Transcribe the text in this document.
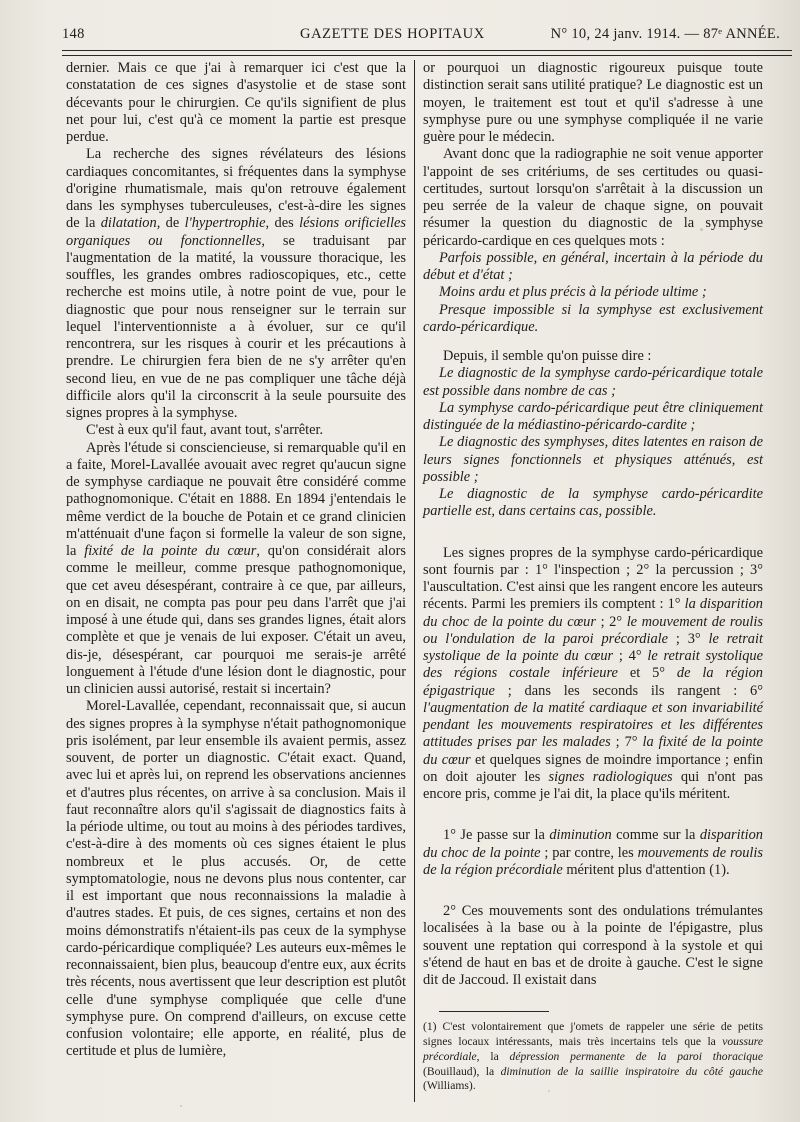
148	GAZETTE DES HOPITAUX	N° 10, 24 janv. 1914. — 87ᵉ ANNÉE.

dernier. Mais ce que j'ai à remarquer ici c'est que la constatation de ces signes d'asystolie et de stase sont décevants pour le chirurgien. Ce qu'ils signifient de plus net pour lui, c'est qu'à ce moment la partie est presque perdue.

La recherche des signes révélateurs des lésions cardiaques concomitantes, si fréquentes dans la symphyse d'origine rhumatismale, mais qu'on retrouve également dans les symphyses tuberculeuses, c'est-à-dire les signes de la dilatation, de l'hypertrophie, des lésions orificielles organiques ou fonctionnelles, se traduisant par l'augmentation de la matité, la voussure thoracique, les souffles, les grandes ombres radioscopiques, etc., cette recherche est moins utile, à notre point de vue, pour le diagnostic que pour nous renseigner sur le terrain sur lequel l'interventionniste a à évoluer, sur ce qu'il rencontrera, sur les risques à courir et les précautions à prendre. Le chirurgien fera bien de ne s'y arrêter qu'en second lieu, en vue de ne pas compliquer une tâche déjà difficile alors qu'il la circonscrit à la seule poursuite des signes propres à la symphyse.

C'est à eux qu'il faut, avant tout, s'arrêter.

Après l'étude si consciencieuse, si remarquable qu'il en a faite, Morel-Lavallée avouait avec regret qu'aucun signe de symphyse cardiaque ne pouvait être considéré comme pathognomonique. C'était en 1888. En 1894 j'entendais le même verdict de la bouche de Potain et ce grand clinicien m'atténuait d'une façon si formelle la valeur de son signe, la fixité de la pointe du cœur, qu'on considérait alors comme le meilleur, comme presque pathognomonique, que cet aveu désespérant, contraire à ce que, par ailleurs, on en disait, ne compta pas pour peu dans l'arrêt que j'ai imposé à une étude qui, dans ses grandes lignes, était alors complète et que je venais de lui exposer. C'était un aveu, dis-je, désespérant, car pourquoi me serais-je arrêté longuement à l'étude d'une lésion dont le diagnostic, pour un clinicien aussi autorisé, restait si incertain?

Morel-Lavallée, cependant, reconnaissait que, si aucun des signes propres à la symphyse n'était pathognomonique pris isolément, par leur ensemble ils avaient permis, assez souvent, de porter un diagnostic. C'était exact. Quand, avec lui et après lui, on reprend les observations anciennes et d'autres plus récentes, on arrive à sa conclusion. Mais il faut reconnaître alors qu'il s'agissait de diagnostics faits à la période ultime, ou tout au moins à des périodes tardives, c'est-à-dire à des moments où ces signes étaient le plus nombreux et le plus accusés. Or, de cette symptomatologie, nous ne devons plus nous contenter, car il est important que nous reconnaissions la maladie à d'autres stades. Et puis, de ces signes, certains et non des moins démonstratifs n'étaient-ils pas ceux de la symphyse cardo-péricardique compliquée? Les auteurs eux-mêmes le reconnaissaient, bien plus, beaucoup d'entre eux, aux écrits très récents, nous avertissent que leur description est plutôt celle d'une symphyse compliquée que celle d'une symphyse pure. On comprend d'ailleurs, on excuse cette confusion volontaire; elle apporte, en réalité, plus de certitude et plus de lumière,

or pourquoi un diagnostic rigoureux puisque toute distinction serait sans utilité pratique? Le diagnostic est un moyen, le traitement est tout et qu'il s'adresse à une symphyse pure ou une symphyse compliquée il ne varie guère pour le médecin.

Avant donc que la radiographie ne soit venue apporter l'appoint de ses critériums, de ses certitudes ou quasi-certitudes, surtout lorsqu'on s'arrêtait à la discussion un peu serrée de la valeur de chaque signe, on pouvait résumer la question du diagnostic de la symphyse péricardo-cardique en ces quelques mots :

Parfois possible, en général, incertain à la période du début et d'état ;

Moins ardu et plus précis à la période ultime ;

Presque impossible si la symphyse est exclusivement cardo-péricardique.

Depuis, il semble qu'on puisse dire :

Le diagnostic de la symphyse cardo-péricardique totale est possible dans nombre de cas ;

La symphyse cardo-péricardique peut être cliniquement distinguée de la médiastino-péricardo-cardite ;

Le diagnostic des symphyses, dites latentes en raison de leurs signes fonctionnels et physiques atténués, est possible ;

Le diagnostic de la symphyse cardo-péricardite partielle est, dans certains cas, possible.

Les signes propres de la symphyse cardo-péricardique sont fournis par : 1° l'inspection ; 2° la percussion ; 3° l'auscultation. C'est ainsi que les rangent encore les auteurs récents. Parmi les premiers ils comptent : 1° la disparition du choc de la pointe du cœur ; 2° le mouvement de roulis ou l'ondulation de la paroi précordiale ; 3° le retrait systolique de la pointe du cœur ; 4° le retrait systolique des régions costale inférieure et 5° de la région épigastrique ; dans les seconds ils rangent : 6° l'augmentation de la matité cardiaque et son invariabilité pendant les mouvements respiratoires et les différentes attitudes prises par les malades ; 7° la fixité de la pointe du cœur et quelques signes de moindre importance ; enfin on doit ajouter les signes radiologiques qui n'ont pas encore pris, comme je l'ai dit, la place qu'ils méritent.

1° Je passe sur la diminution comme sur la disparition du choc de la pointe ; par contre, les mouvements de roulis de la région précordiale méritent plus d'attention (1).

2° Ces mouvements sont des ondulations trémulantes localisées à la base ou à la pointe de l'épigastre, plus souvent une reptation qui correspond à la systole et qui s'étend de haut en bas et de droite à gauche. C'est le signe dit de Jaccoud. Il existait dans

(1) C'est volontairement que j'omets de rappeler une série de petits signes locaux intéressants, mais très incertains tels que la voussure précordiale, la dépression permanente de la paroi thoracique (Bouillaud), la diminution de la saillie inspiratoire du côté gauche (Williams).
